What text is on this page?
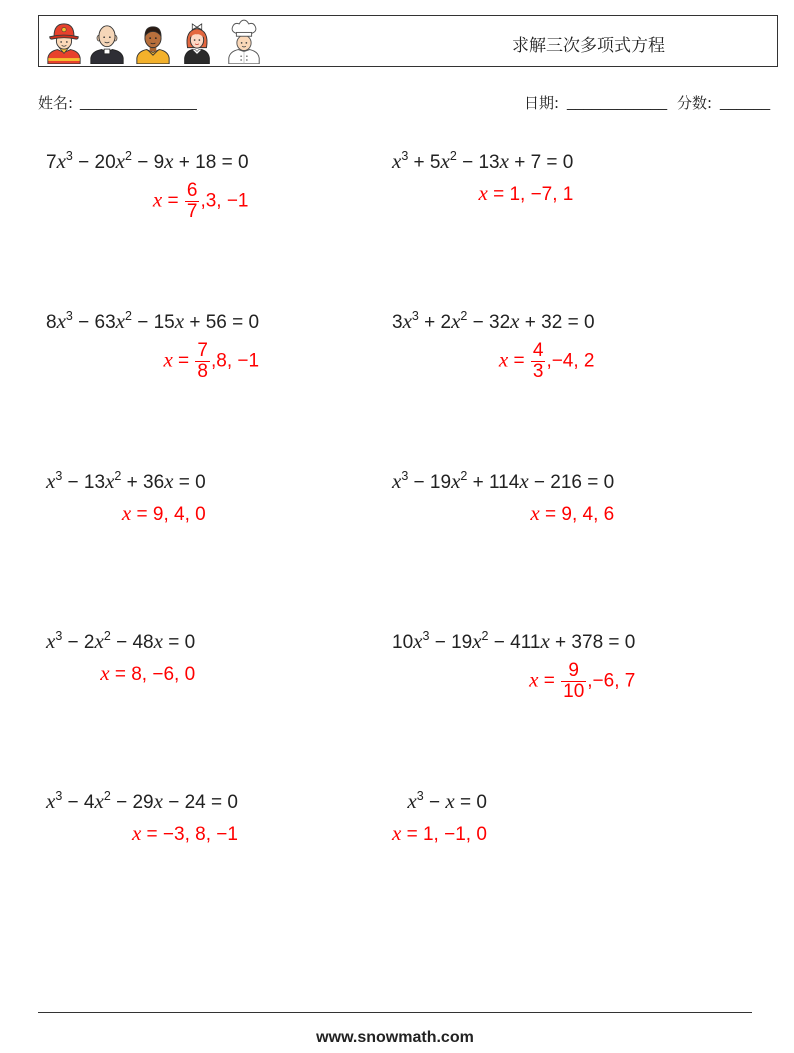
求解三次多项式方程
姓名: ______________	日期: ____________ 分数: ______
$7x^3 - 20x^2 - 9x + 18 = 0$
$x = \frac{6}{7} ,3$, −1
$x^3 + 5x^2 - 13x + 7 = 0$
x = 1, −7, 1
$8x^3 - 63x^2 - 15x + 56 = 0$
$x = \frac{7}{8} ,8$, −1
$3x^3 + 2x^2 - 32x + 32 = 0$
$x = \frac{4}{3} ,-4$, 2
$x^3 - 13x^2 + 36x = 0$
x = 9, 4, 0
$x^3 - 19x^2 + 114x - 216 = 0$
x = 9, 4, 6
$x^3 - 2x^2 - 48x = 0$
x = 8, −6, 0
$10x^3 - 19x^2 - 411x + 378 = 0$
$x = \frac{9}{10} ,-6$, 7
$x^3 - 4x^2 - 29x - 24 = 0$
x = −3, 8, −1
$x^3 - x = 0$
x = 1, −1, 0
www.snowmath.com
